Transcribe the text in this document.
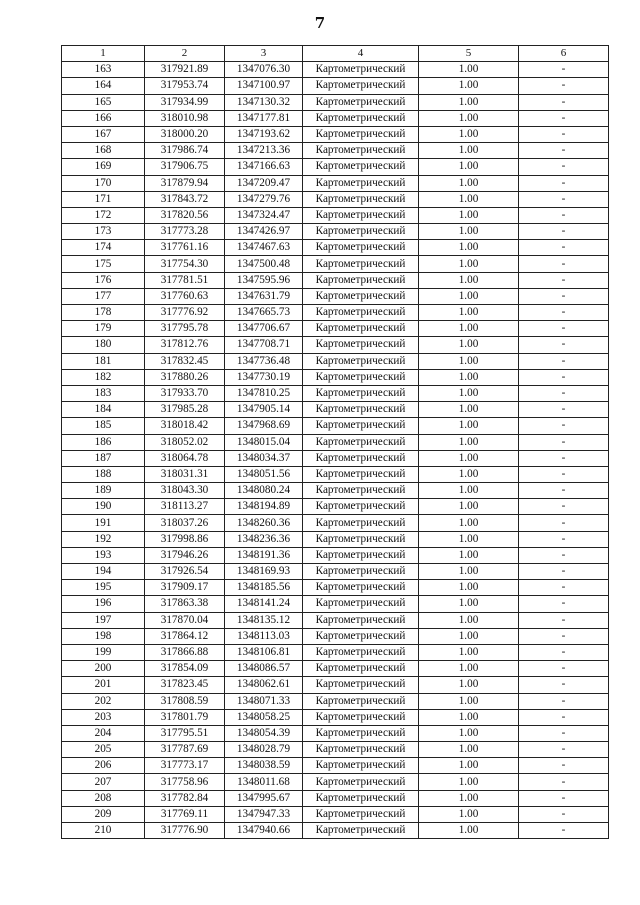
7
1	2	3	4	5	6
163	317921.89	1347076.30	Картометрический	1.00	-
164	317953.74	1347100.97	Картометрический	1.00	-
165	317934.99	1347130.32	Картометрический	1.00	-
166	318010.98	1347177.81	Картометрический	1.00	-
167	318000.20	1347193.62	Картометрический	1.00	-
168	317986.74	1347213.36	Картометрический	1.00	-
169	317906.75	1347166.63	Картометрический	1.00	-
170	317879.94	1347209.47	Картометрический	1.00	-
171	317843.72	1347279.76	Картометрический	1.00	-
172	317820.56	1347324.47	Картометрический	1.00	-
173	317773.28	1347426.97	Картометрический	1.00	-
174	317761.16	1347467.63	Картометрический	1.00	-
175	317754.30	1347500.48	Картометрический	1.00	-
176	317781.51	1347595.96	Картометрический	1.00	-
177	317760.63	1347631.79	Картометрический	1.00	-
178	317776.92	1347665.73	Картометрический	1.00	-
179	317795.78	1347706.67	Картометрический	1.00	-
180	317812.76	1347708.71	Картометрический	1.00	-
181	317832.45	1347736.48	Картометрический	1.00	-
182	317880.26	1347730.19	Картометрический	1.00	-
183	317933.70	1347810.25	Картометрический	1.00	-
184	317985.28	1347905.14	Картометрический	1.00	-
185	318018.42	1347968.69	Картометрический	1.00	-
186	318052.02	1348015.04	Картометрический	1.00	-
187	318064.78	1348034.37	Картометрический	1.00	-
188	318031.31	1348051.56	Картометрический	1.00	-
189	318043.30	1348080.24	Картометрический	1.00	-
190	318113.27	1348194.89	Картометрический	1.00	-
191	318037.26	1348260.36	Картометрический	1.00	-
192	317998.86	1348236.36	Картометрический	1.00	-
193	317946.26	1348191.36	Картометрический	1.00	-
194	317926.54	1348169.93	Картометрический	1.00	-
195	317909.17	1348185.56	Картометрический	1.00	-
196	317863.38	1348141.24	Картометрический	1.00	-
197	317870.04	1348135.12	Картометрический	1.00	-
198	317864.12	1348113.03	Картометрический	1.00	-
199	317866.88	1348106.81	Картометрический	1.00	-
200	317854.09	1348086.57	Картометрический	1.00	-
201	317823.45	1348062.61	Картометрический	1.00	-
202	317808.59	1348071.33	Картометрический	1.00	-
203	317801.79	1348058.25	Картометрический	1.00	-
204	317795.51	1348054.39	Картометрический	1.00	-
205	317787.69	1348028.79	Картометрический	1.00	-
206	317773.17	1348038.59	Картометрический	1.00	-
207	317758.96	1348011.68	Картометрический	1.00	-
208	317782.84	1347995.67	Картометрический	1.00	-
209	317769.11	1347947.33	Картометрический	1.00	-
210	317776.90	1347940.66	Картометрический	1.00	-
